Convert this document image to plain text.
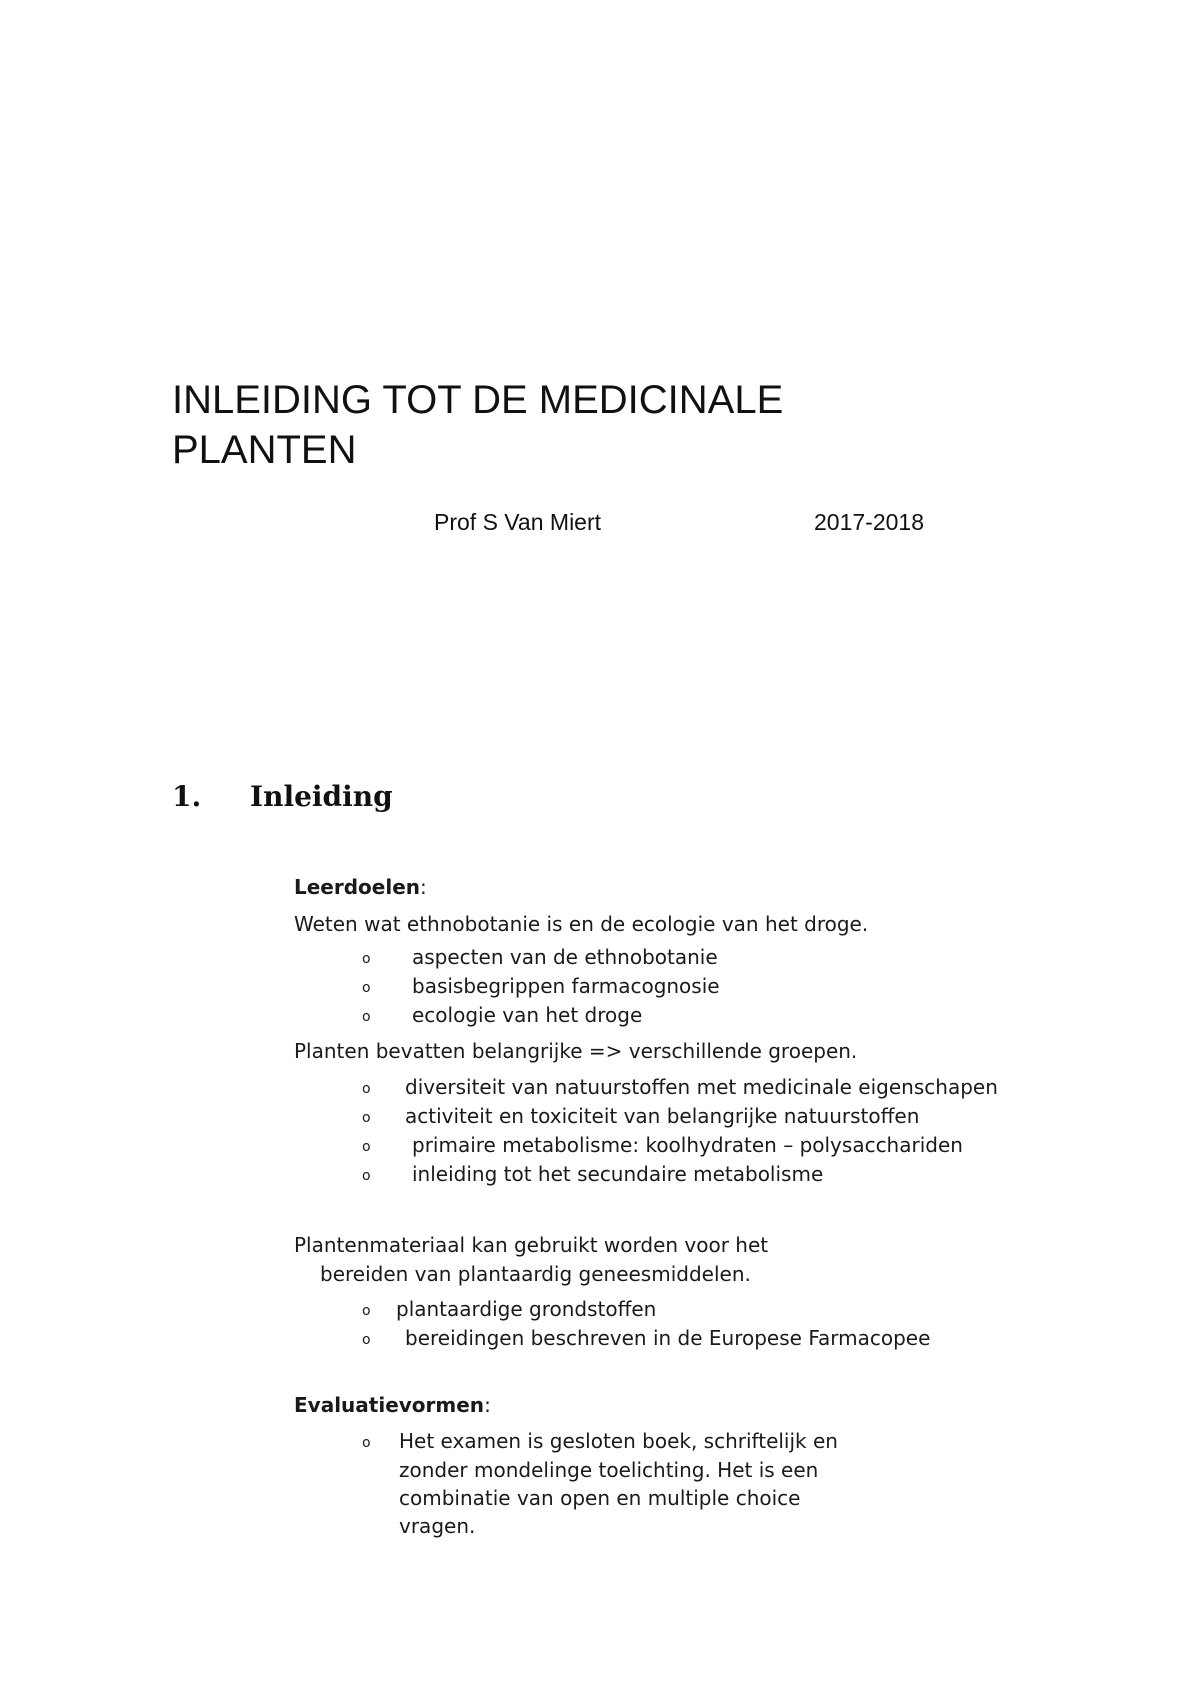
INLEIDING TOT DE MEDICINALE
PLANTEN
Prof S Van Miert	2017-2018
1. Inleiding
Leerdoelen:
Weten wat ethnobotanie is en de ecologie van het droge.
o aspecten van de ethnobotanie
o basisbegrippen farmacognosie
o ecologie van het droge
Planten bevatten belangrijke => verschillende groepen.
o diversiteit van natuurstoffen met medicinale eigenschapen
o activiteit en toxiciteit van belangrijke natuurstoffen
o primaire metabolisme: koolhydraten – polysacchariden
o inleiding tot het secundaire metabolisme
Plantenmateriaal kan gebruikt worden voor het
bereiden van plantaardig geneesmiddelen.
o plantaardige grondstoffen
o bereidingen beschreven in de Europese Farmacopee
Evaluatievormen:
o Het examen is gesloten boek, schriftelijk en
zonder mondelinge toelichting. Het is een
combinatie van open en multiple choice
vragen.
